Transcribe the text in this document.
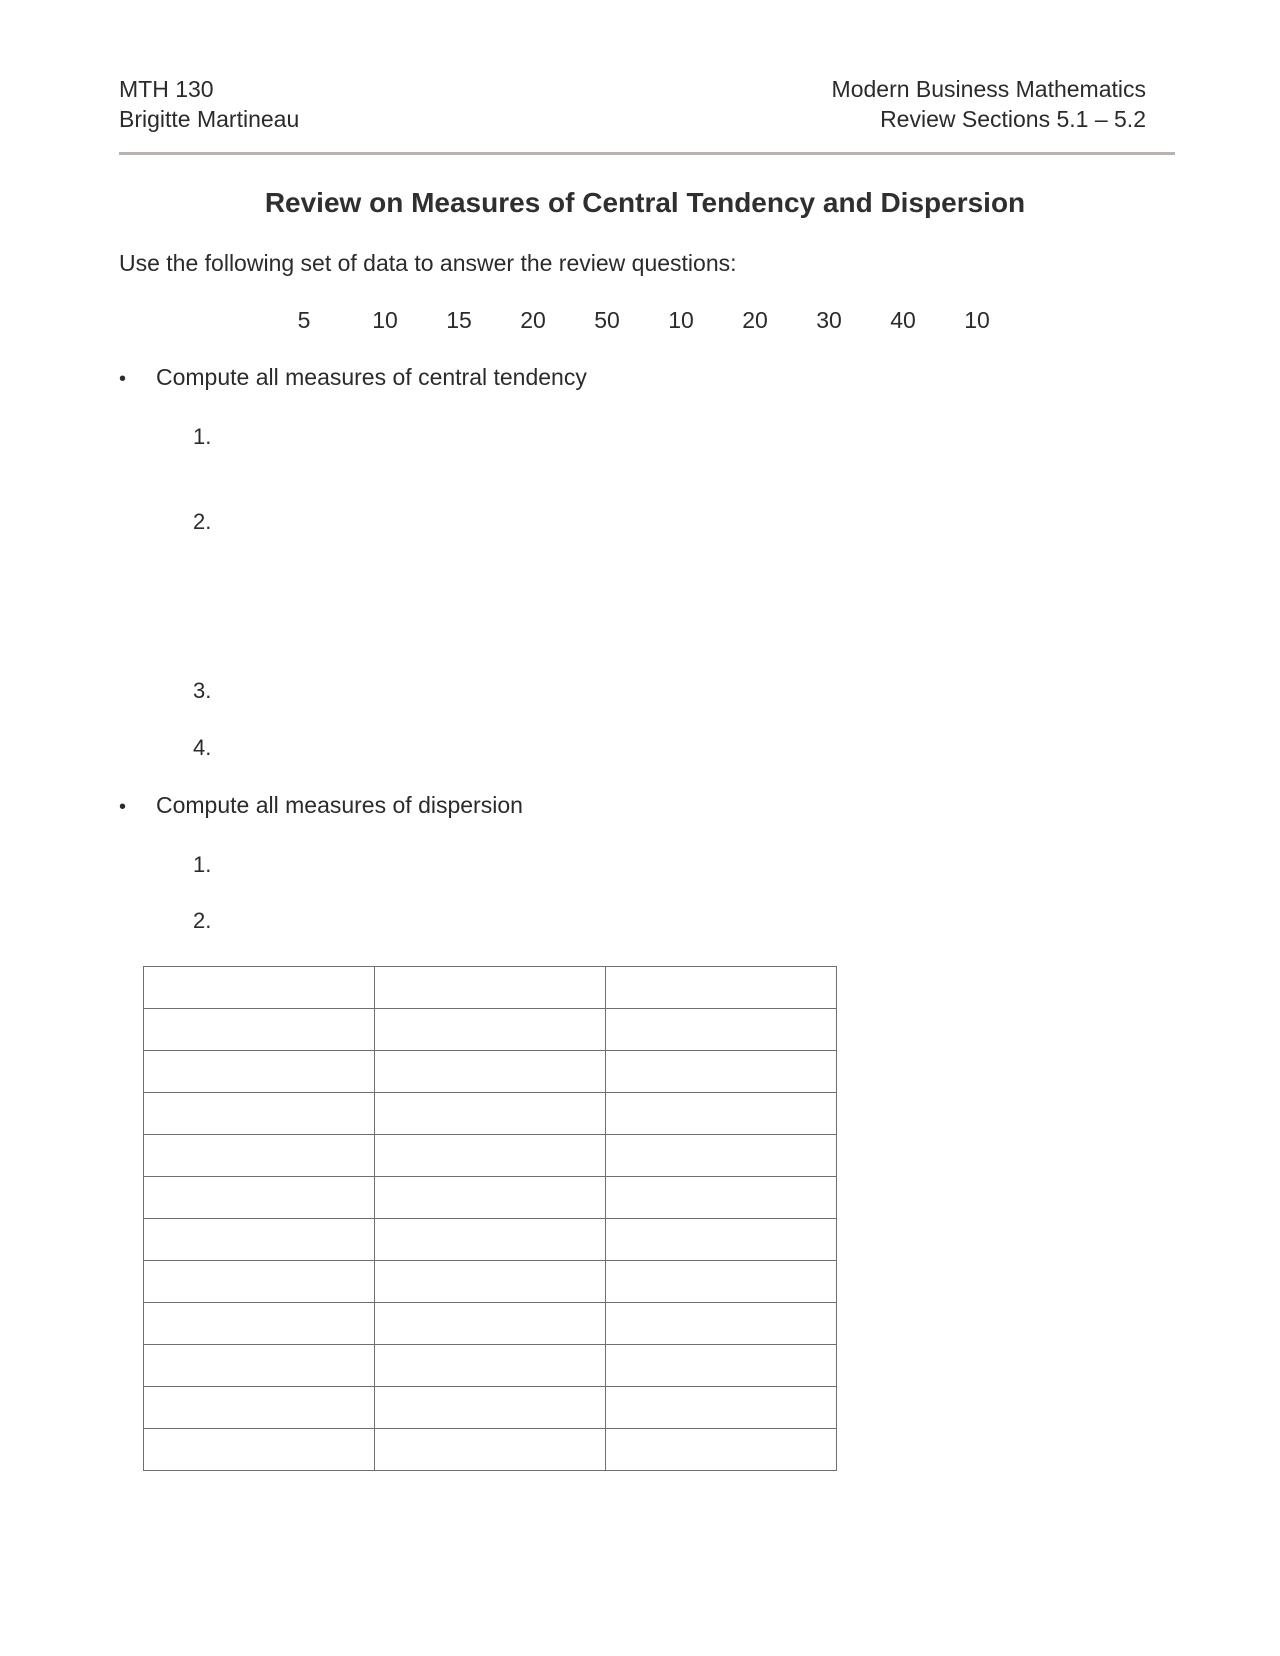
MTH 130
Brigitte Martineau
Modern Business Mathematics
Review Sections 5.1 – 5.2
Review on Measures of Central Tendency and Dispersion
Use the following set of data to answer the review questions:
5	10 15 20 50 10 20 30 40 10
• Compute all measures of central tendency
1.
2.
3.
4.
• Compute all measures of dispersion
1.
2.
